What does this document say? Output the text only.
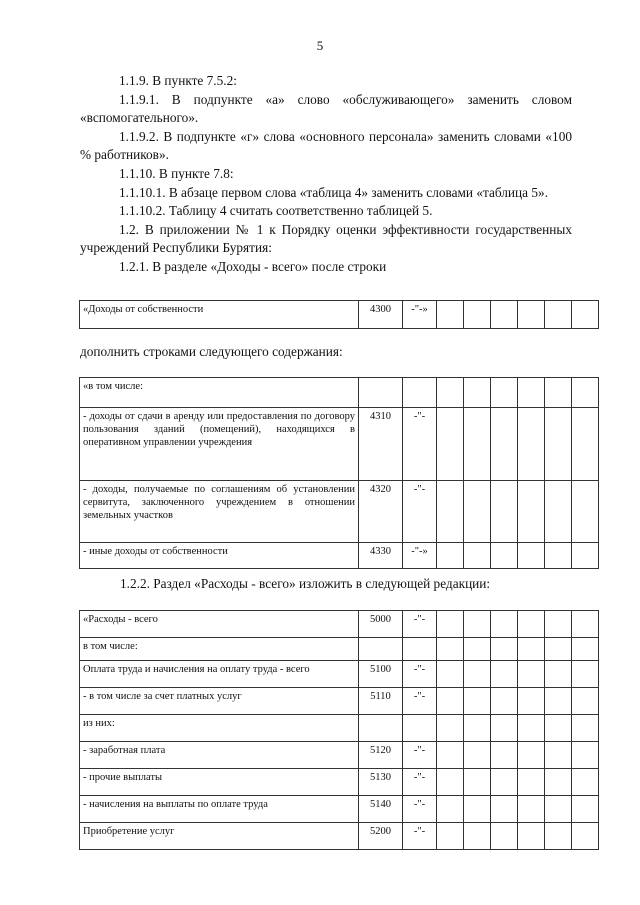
5

1.1.9. В пункте 7.5.2:

1.1.9.1. В подпункте «а» слово «обслуживающего» заменить словом «вспомогательного».

1.1.9.2. В подпункте «г» слова «основного персонала» заменить словами «100 % работников».

1.1.10. В пункте 7.8:

1.1.10.1. В абзаце первом слова «таблица 4» заменить словами «таблица 5».

1.1.10.2. Таблицу 4 считать соответственно таблицей 5.

1.2. В приложении № 1 к Порядку оценки эффективности государственных учреждений Республики Бурятия:

1.2.1. В разделе «Доходы - всего» после строки

«Доходы от собственности	4300	-"-»						
дополнить строками следующего содержания:
«в том числе:								
- доходы от сдачи в аренду или предоставления по договору пользования зданий (помещений), находящихся в оперативном управлении учреждения	4310	-"-						
- доходы, получаемые по соглашениям об установлении сервитута, заключенного учреждением в отношении земельных участков	4320	-"-						
- иные доходы от собственности	4330	-"-»						
1.2.2. Раздел «Расходы - всего» изложить в следующей редакции:
«Расходы - всего	5000	-"-						
в том числе:								
Оплата труда и начисления на оплату труда - всего	5100	-"-						
- в том числе за счет платных услуг	5110	-"-						
из них:								
- заработная плата	5120	-"-						
- прочие выплаты	5130	-"-						
- начисления на выплаты по оплате труда	5140	-"-						
Приобретение услуг	5200	-"-						
